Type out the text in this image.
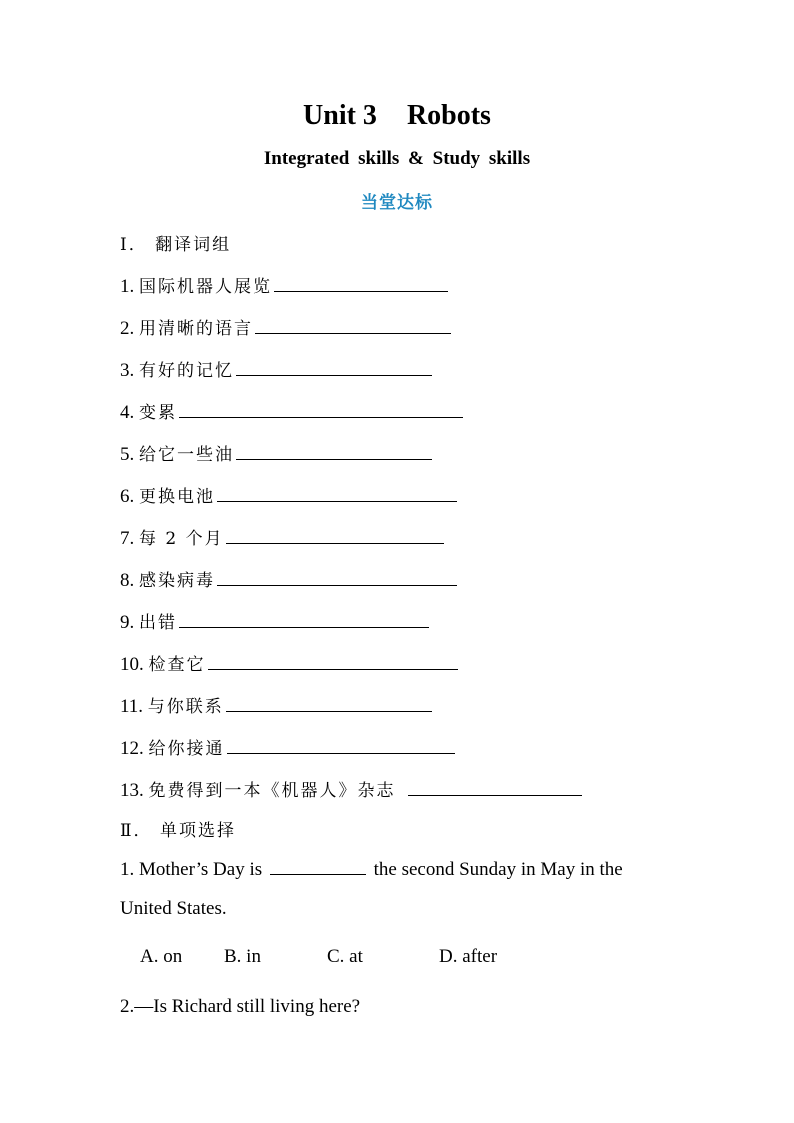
Unit 3 Robots
Integrated skills & Study skills
当堂达标
Ⅰ． 翻译词组
1. 国际机器人展览
2. 用清晰的语言
3. 有好的记忆
4. 变累
5. 给它一些油
6. 更换电池
7. 每 2 个月
8. 感染病毒
9. 出错
10. 检查它
11. 与你联系
12. 给你接通
13. 免费得到一本《机器人》杂志
Ⅱ． 单项选择
1. Mother’s Day is	the second Sunday in May in the
United States.
A. on B. in	C. at	D. after
2.—Is Richard still living here?
